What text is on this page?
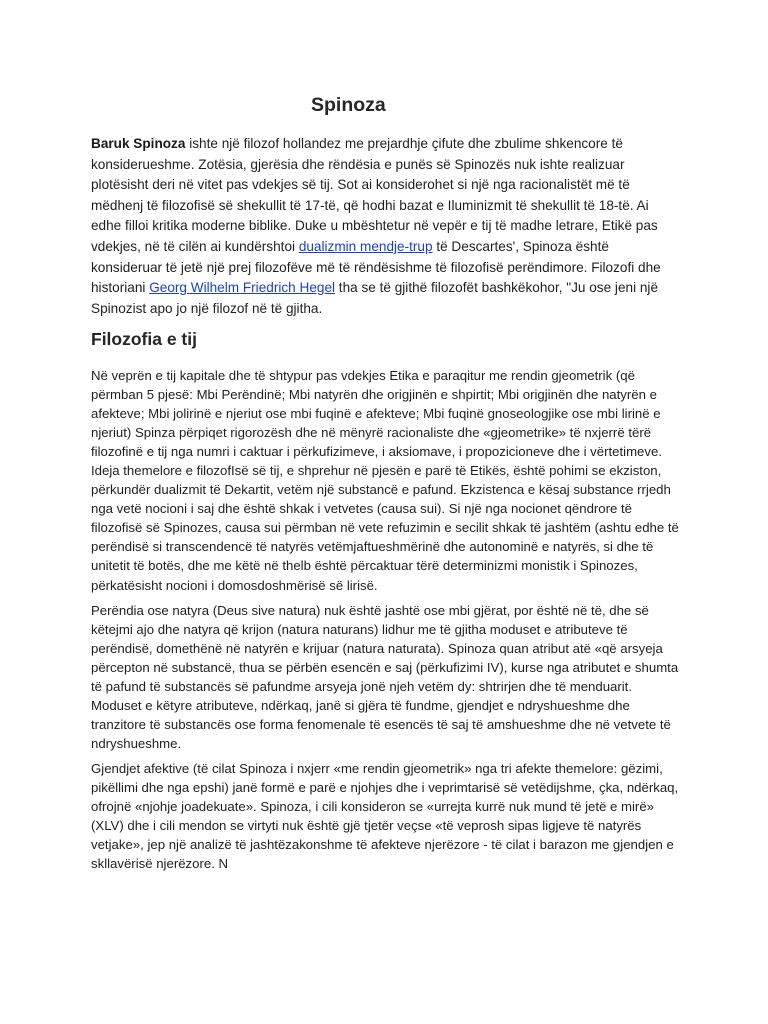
Spinoza

Baruk Spinoza ishte një filozof hollandez me prejardhje çifute dhe zbulime shkencore të konsiderueshme. Zotësia, gjerësia dhe rëndësia e punës së Spinozës nuk ishte realizuar plotësisht deri në vitet pas vdekjes së tij. Sot ai konsiderohet si një nga racionalistët më të mëdhenj të filozofisë së shekullit të 17-të, që hodhi bazat e Iluminizmit të shekullit të 18-të. Ai edhe filloi kritika moderne biblike. Duke u mbështetur në vepër e tij të madhe letrare, Etikë pas vdekjes, në të cilën ai kundërshtoi dualizmin mendje-trup të Descartes', Spinoza është konsideruar të jetë një prej filozofëve më të rëndësishme të filozofisë perëndimore. Filozofi dhe historiani Georg Wilhelm Friedrich Hegel tha se të gjithë filozofët bashkëkohor, "Ju ose jeni një Spinozist apo jo një filozof në të gjitha.

Filozofia e tij

Në veprën e tij kapitale dhe të shtypur pas vdekjes Etika e paraqitur me rendin gjeometrik (që përmban 5 pjesë: Mbi Perëndinë; Mbi natyrën dhe origjinën e shpirtit; Mbi origjinën dhe natyrën e afekteve; Mbi jolirinë e njeriut ose mbi fuqinë e afekteve; Mbi fuqinë gnoseologjike ose mbi lirinë e njeriut) Spinza përpiqet rigorozësh dhe në mënyrë racionaliste dhe «gjeometrike» të nxjerrë tërë filozofinë e tij nga numri i caktuar i përkufizimeve, i aksiomave, i propozicioneve dhe i vërtetimeve. Ideja themelore e filozofIsë së tij, e shprehur në pjesën e parë të Etikës, është pohimi se ekziston, përkundër dualizmit të Dekartit, vetëm një substancë e pafund. Ekzistenca e kësaj substance rrjedh nga vetë nocioni i saj dhe është shkak i vetvetes (causa sui). Si një nga nocionet qëndrore të filozofisë së Spinozes, causa sui përmban në vete refuzimin e secilit shkak të jashtëm (ashtu edhe të perëndisë si transcendencë të natyrës vetëmjaftueshmërinë dhe autonominë e natyrës, si dhe të unitetit të botës, dhe me këtë në thelb është përcaktuar tërë determinizmi monistik i Spinozes, përkatësisht nocioni i domosdoshmërisë së lirisë.

Perëndia ose natyra (Deus sive natura) nuk është jashtë ose mbi gjërat, por është në të, dhe së këtejmi ajo dhe natyra që krijon (natura naturans) lidhur me të gjitha moduset e atributeve të perëndisë, domethënë në natyrën e krijuar (natura naturata). Spinoza quan atribut atë «që arsyeja përcepton në substancë, thua se përbën esencën e saj (përkufizimi IV), kurse nga atributet e shumta të pafund të substancës së pafundme arsyeja jonë njeh vetëm dy: shtrirjen dhe të menduarit. Moduset e këtyre atributeve, ndërkaq, janë si gjëra të fundme, gjendjet e ndryshueshme dhe tranzitore të substancës ose forma fenomenale të esencës të saj të amshueshme dhe në vetvete të ndryshueshme.

Gjendjet afektive (të cilat Spinoza i nxjerr «me rendin gjeometrik» nga tri afekte themelore: gëzimi, pikëllimi dhe nga epshi) janë formë e parë e njohjes dhe i veprimtarisë së vetëdijshme, çka, ndërkaq, ofrojnë «njohje joadekuate». Spinoza, i cili konsideron se «urrejta kurrë nuk mund të jetë e mirë» (XLV) dhe i cili mendon se virtyti nuk është gjë tjetër veçse «të veprosh sipas ligjeve të natyrës vetjake», jep një analizë të jashtëzakonshme të afekteve njerëzore - të cilat i barazon me gjendjen e skllavërisë njerëzore. N
